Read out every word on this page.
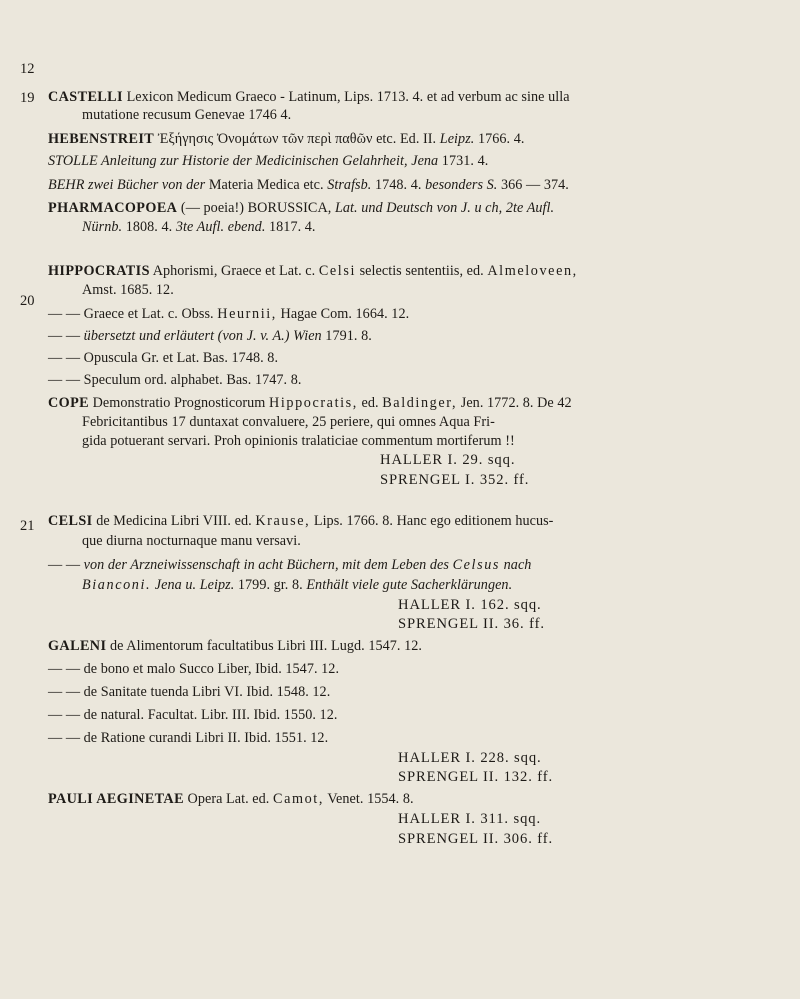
12
19
20
21
CASTELLI Lexicon Medicum Graeco - Latinum, Lips. 1713. 4. et ad verbum ac sine ulla
mutatione recusum Genevae 1746 4.
HEBENSTREIT Ἐξήγησις Ὀνομάτων τῶν περὶ παθῶν etc. Ed. II. Leipz. 1766. 4.
STOLLE Anleitung zur Historie der Medicinischen Gelahrheit, Jena 1731. 4.
BEHR zwei Bücher von der Materia Medica etc. Strafsb. 1748. 4. besonders S. 366 — 374.
PHARMACOPOEA (— poeia!) BORUSSICA, Lat. und Deutsch von J. u ch, 2te Aufl.
Nürnb. 1808. 4. 3te Aufl. ebend. 1817. 4.
HIPPOCRATIS Aphorismi, Graece et Lat. c. Celsi selectis sententiis, ed. Almeloveen,
Amst. 1685. 12.
— — Graece et Lat. c. Obss. Heurnii, Hagae Com. 1664. 12.
— — übersetzt und erläutert (von J. v. A.) Wien 1791. 8.
— — Opuscula Gr. et Lat. Bas. 1748. 8.
— — Speculum ord. alphabet. Bas. 1747. 8.
COPE Demonstratio Prognosticorum Hippocratis, ed. Baldinger, Jen. 1772. 8. De 42
Febricitantibus 17 duntaxat convaluere, 25 periere, qui omnes Aqua Fri-
gida potuerant servari. Proh opinionis tralaticiae commentum mortiferum !!
HALLER I. 29. sqq.
SPRENGEL I. 352. ff.
CELSI de Medicina Libri VIII. ed. Krause, Lips. 1766. 8. Hanc ego editionem hucus-
que diurna nocturnaque manu versavi.
— — von der Arzneiwissenschaft in acht Büchern, mit dem Leben des Celsus nach
Bianconi. Jena u. Leipz. 1799. gr. 8. Enthält viele gute Sacherklärungen.
HALLER I. 162. sqq.
SPRENGEL II. 36. ff.
GALENI de Alimentorum facultatibus Libri III. Lugd. 1547. 12.
— — de bono et malo Succo Liber, Ibid. 1547. 12.
— — de Sanitate tuenda Libri VI. Ibid. 1548. 12.
— — de natural. Facultat. Libr. III. Ibid. 1550. 12.
— — de Ratione curandi Libri II. Ibid. 1551. 12.
HALLER I. 228. sqq.
SPRENGEL II. 132. ff.
PAULI AEGINETAE Opera Lat. ed. Camot, Venet. 1554. 8.
HALLER I. 311. sqq.
SPRENGEL II. 306. ff.
